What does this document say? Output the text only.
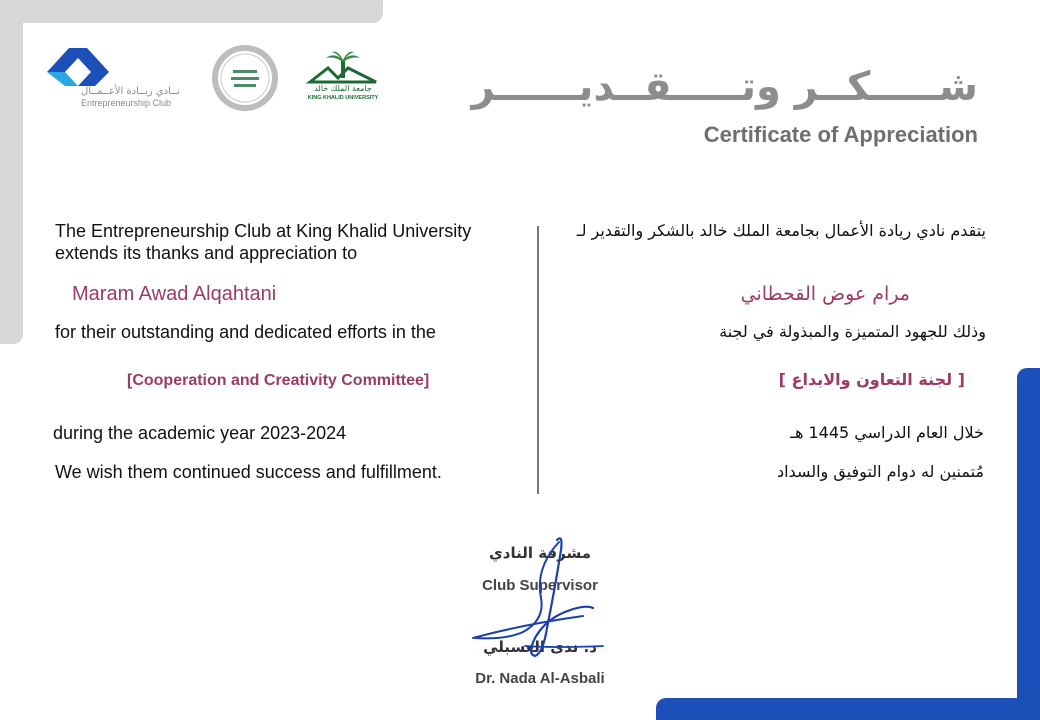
نــادي ريــادة الأعــمــال
Entrepreneurship Club
جامعة الملك خالد
KING KHALID UNIVERSITY شـــــكــر وتـــــقــديــــــر
Certificate of Appreciation
The Entrepreneurship Club at King Khalid University extends its thanks and appreciation to
Maram Awad Alqahtani
for their outstanding and dedicated efforts in the
[Cooperation and Creativity Committee]
during the academic year 2023-2024
We wish them continued success and fulfillment.
يتقدم نادي ريادة الأعمال بجامعة الملك خالد بالشكر والتقدير لـ
مرام عوض القحطاني
وذلك للجهود المتميزة والمبذولة في لجنة
[ لجنة التعاون والابداع ]
خلال العام الدراسي 1445 هـ
مُتمنين له دوام التوفيق والسداد
مشرفة النادي
Club Supervisor
د. ندى العسبلي
Dr. Nada Al-Asbali
